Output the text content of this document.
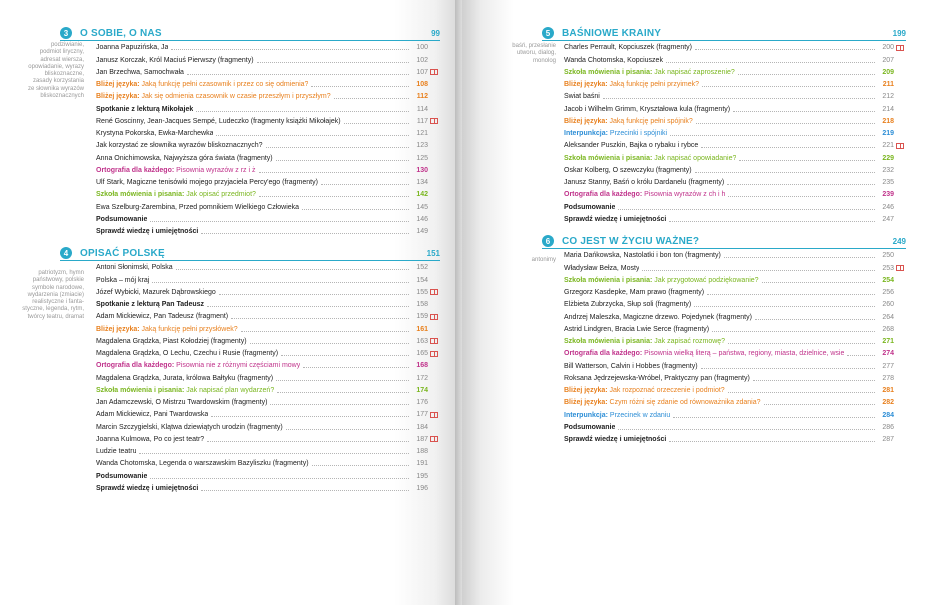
3	O SOBIE, O NAS	99
Joanna Papuzińska, Ja	100
Janusz Korczak, Król Maciuś Pierwszy (fragmenty)	102
Jan Brzechwa, Samochwała	107
Bliżej języka: Jaką funkcję pełni czasownik i przez co się odmienia?	108
Bliżej języka: Jak się odmienia czasownik w czasie przeszłym i przyszłym?	112
Spotkanie z lekturą Mikołajek	114
René Goscinny, Jean-Jacques Sempé, Ludeczko (fragmenty książki Mikołajek)	117
Krystyna Pokorska, Ewka-Marchewka	121
Jak korzystać ze słownika wyrazów bliskoznacznych?	123
Anna Onichimowska, Najwyższa góra świata (fragmenty)	125
Ortografia dla każdego: Pisownia wyrazów z rz i ż	130
Ulf Stark, Magiczne tenisówki mojego przyjaciela Percy'ego (fragmenty)	134
Szkoła mówienia i pisania: Jak opisać przedmiot?	142
Ewa Szelburg-Zarembina, Przed pomnikiem Wielkiego Człowieka	145
Podsumowanie	146
Sprawdź wiedzę i umiejętności	149
podziwianie,
podmiot liryczny,
adresat wiersza,
opowiadanie, wyrazy
bliskoznaczne,
zasady korzystania
ze słownika wyrazów
bliskoznacznych
4	OPISAĆ POLSKĘ	151
Antoni Słonimski, Polska	152
Polska – mój kraj	154
Józef Wybicki, Mazurek Dąbrowskiego	155
Spotkanie z lekturą Pan Tadeusz	158
Adam Mickiewicz, Pan Tadeusz (fragment)	159
Bliżej języka: Jaką funkcję pełni przysłówek?	161
Magdalena Grądzka, Piast Kołodziej (fragmenty)	163
Magdalena Grądzka, O Lechu, Czechu i Rusie (fragmenty)	165
Ortografia dla każdego: Pisownia nie z różnymi częściami mowy	168
Magdalena Grądzka, Jurata, królowa Bałtyku (fragmenty)	172
Szkoła mówienia i pisania: Jak napisać plan wydarzeń?	174
Jan Adamczewski, O Mistrzu Twardowskim (fragmenty)	176
Adam Mickiewicz, Pani Twardowska	177
Marcin Szczygielski, Klątwa dziewiątych urodzin (fragmenty)	184
Joanna Kulmowa, Po co jest teatr?	187
Ludzie teatru	188
Wanda Chotomska, Legenda o warszawskim Bazyliszku (fragmenty)	191
Podsumowanie	195
Sprawdź wiedzę i umiejętności	196
patriotyzm, hymn
państwowy, polskie
symbole narodowe,
wydarzenia (zmiacie)
realistyczne i fanta-
styczne, legenda, rytm,
twórcy teatru, dramat
5	BAŚNIOWE KRAINY	199
Charles Perrault, Kopciuszek (fragmenty)	200
Wanda Chotomska, Kopciuszek	207
Szkoła mówienia i pisania: Jak napisać zaproszenie?	209
Bliżej języka: Jaką funkcję pełni przyimek?	211
Świat baśni	212
Jacob i Wilhelm Grimm, Kryształowa kula (fragmenty)	214
Bliżej języka: Jaką funkcję pełni spójnik?	218
Interpunkcja: Przecinki i spójniki	219
Aleksander Puszkin, Bajka o rybaku i rybce	221
Szkoła mówienia i pisania: Jak napisać opowiadanie?	229
Oskar Kolberg, O szewczyku (fragmenty)	232
Janusz Stanny, Baśń o królu Dardanelu (fragmenty)	235
Ortografia dla każdego: Pisownia wyrazów z ch i h	239
Podsumowanie	246
Sprawdź wiedzę i umiejętności	247
baśń, przesłanie
utworu, dialog,
monolog
6	CO JEST W ŻYCIU WAŻNE?	249
Maria Dańkowska, Nastolatki i bon ton (fragmenty)	250
Władysław Bełza, Mosty	253
Szkoła mówienia i pisania: Jak przygotować podziękowanie?	254
Grzegorz Kasdepke, Mam prawo (fragmenty)	256
Elżbieta Zubrzycka, Słup soli (fragmenty)	260
Andrzej Maleszka, Magiczne drzewo. Pojedynek (fragmenty)	264
Astrid Lindgren, Bracia Lwie Serce (fragmenty)	268
Szkoła mówienia i pisania: Jak zapisać rozmowę?	271
Ortografia dla każdego: Pisownia wielką literą – państwa, regiony, miasta, dzielnice, wsie	274
Bill Watterson, Calvin i Hobbes (fragmenty)	277
Roksana Jędrzejewska-Wróbel, Praktyczny pan (fragmenty)	278
Bliżej języka: Jak rozpoznać orzeczenie i podmiot?	281
Bliżej języka: Czym różni się zdanie od równoważnika zdania?	282
Interpunkcja: Przecinek w zdaniu	284
Podsumowanie	286
Sprawdź wiedzę i umiejętności	287
antonimy
